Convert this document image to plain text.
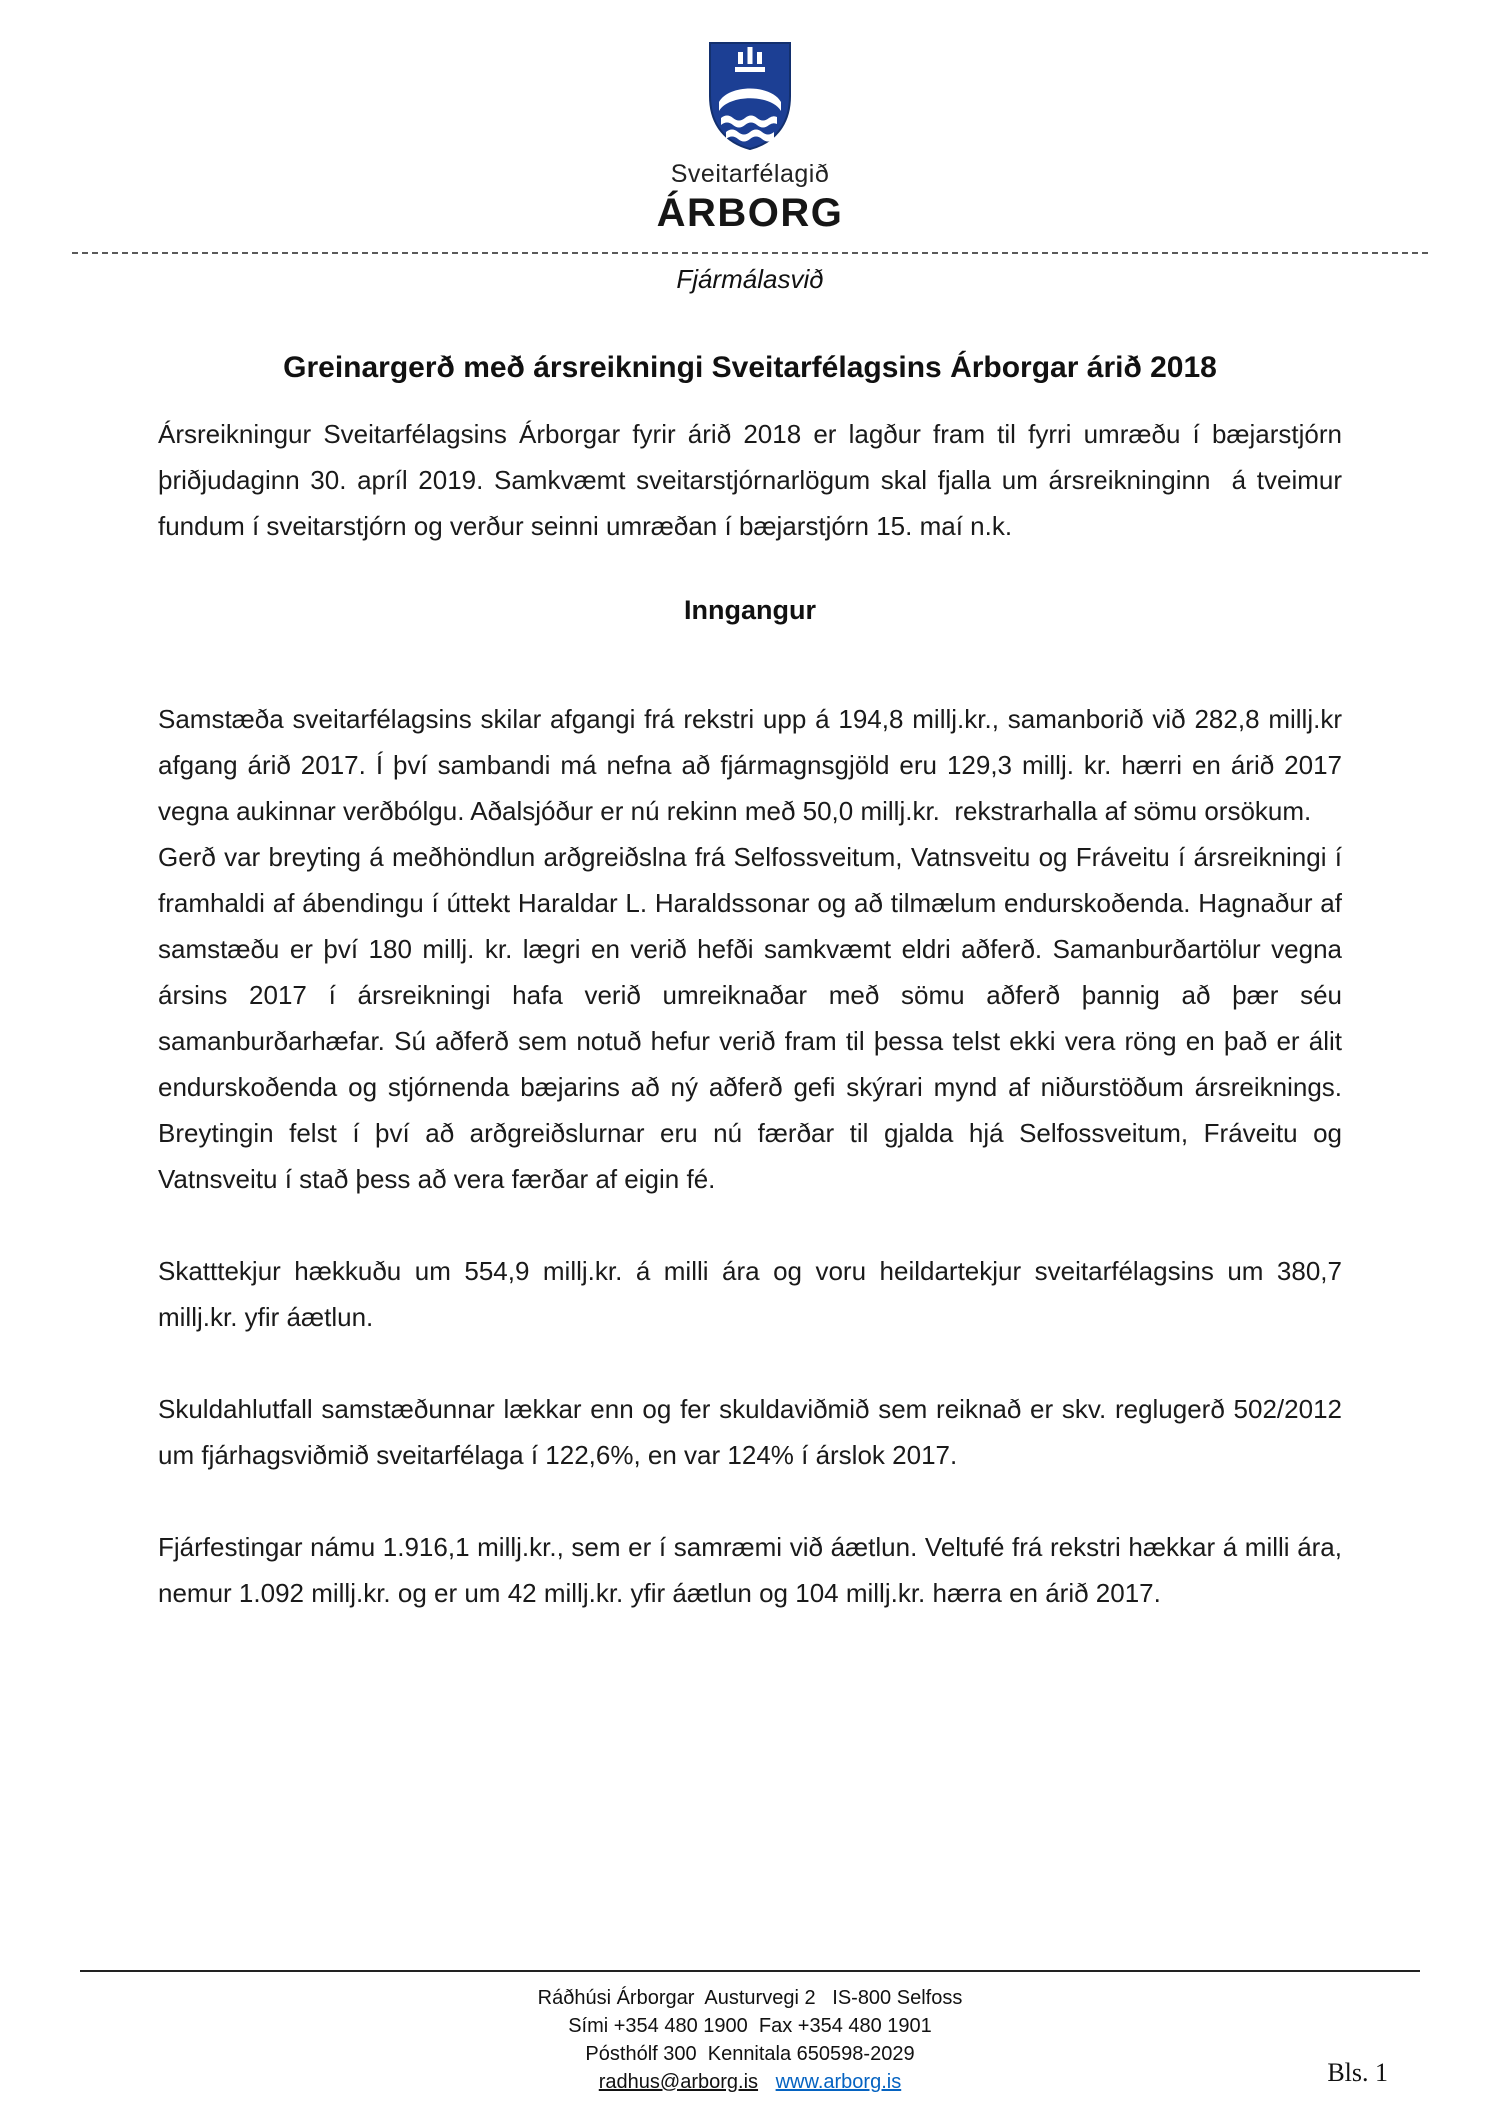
Sveitarfélagið
ÁRBORG
Fjármálasvið
Greinargerð með ársreikningi Sveitarfélagsins Árborgar árið 2018

Ársreikningur Sveitarfélagsins Árborgar fyrir árið 2018 er lagður fram til fyrri umræðu í bæjarstjórn þriðjudaginn 30. apríl 2019. Samkvæmt sveitarstjórnarlögum skal fjalla um ársreikninginn  á tveimur fundum í sveitarstjórn og verður seinni umræðan í bæjarstjórn 15. maí n.k.

Inngangur

Samstæða sveitarfélagsins skilar afgangi frá rekstri upp á 194,8 millj.kr., samanborið við 282,8 millj.kr afgang árið 2017. Í því sambandi má nefna að fjármagnsgjöld eru 129,3 millj. kr. hærri en árið 2017 vegna aukinnar verðbólgu. Aðalsjóður er nú rekinn með 50,0 millj.kr.  rekstrarhalla af sömu orsökum.

Gerð var breyting á meðhöndlun arðgreiðslna frá Selfossveitum, Vatnsveitu og Fráveitu í ársreikningi í framhaldi af ábendingu í úttekt Haraldar L. Haraldssonar og að tilmælum endurskoðenda. Hagnaður af samstæðu er því 180 millj. kr. lægri en verið hefði samkvæmt eldri aðferð. Samanburðartölur vegna ársins 2017 í ársreikningi hafa verið umreiknaðar með sömu aðferð þannig að þær séu samanburðarhæfar. Sú aðferð sem notuð hefur verið fram til þessa telst ekki vera röng en það er álit endurskoðenda og stjórnenda bæjarins að ný aðferð gefi skýrari mynd af niðurstöðum ársreiknings. Breytingin felst í því að arðgreiðslurnar eru nú færðar til gjalda hjá Selfossveitum, Fráveitu og Vatnsveitu í stað þess að vera færðar af eigin fé.

Skatttekjur hækkuðu um 554,9 millj.kr. á milli ára og voru heildartekjur sveitarfélagsins um 380,7 millj.kr. yfir áætlun.

Skuldahlutfall samstæðunnar lækkar enn og fer skuldaviðmið sem reiknað er skv. reglugerð 502/2012 um fjárhagsviðmið sveitarfélaga í 122,6%, en var 124% í árslok 2017.

Fjárfestingar námu 1.916,1 millj.kr., sem er í samræmi við áætlun. Veltufé frá rekstri hækkar á milli ára, nemur 1.092 millj.kr. og er um 42 millj.kr. yfir áætlun og 104 millj.kr. hærra en árið 2017.

Ráðhúsi Árborgar  Austurvegi 2   IS-800 Selfoss
Sími +354 480 1900  Fax +354 480 1901
Pósthólf 300  Kennitala 650598-2029
radhus@arborg.is www.arborg.is	Bls. 1
